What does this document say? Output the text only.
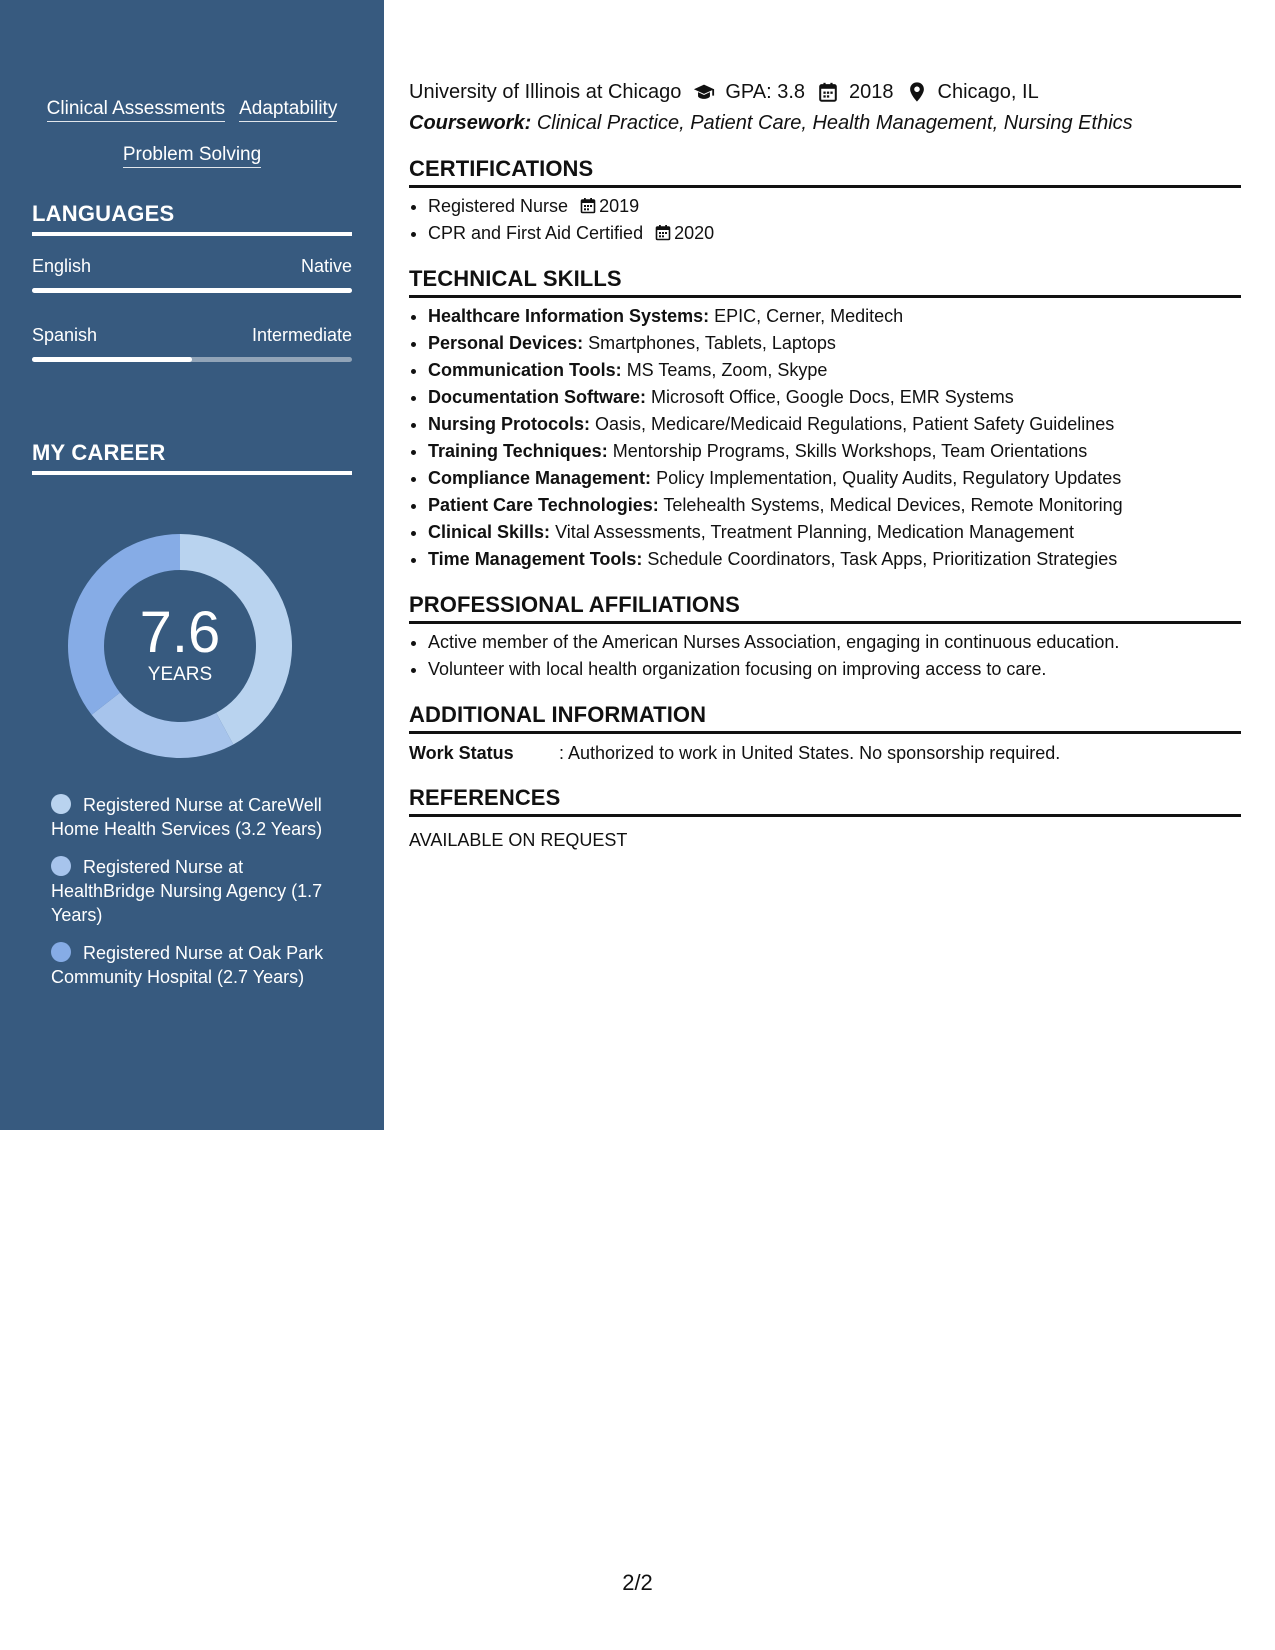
Clinical Assessments Adaptability
Problem Solving
LANGUAGES
English	Native
Spanish	Intermediate
MY CAREER
7.6
YEARS
Registered Nurse at CareWell Home Health Services (3.2 Years)
Registered Nurse at HealthBridge Nursing Agency (1.7 Years)
Registered Nurse at Oak Park Community Hospital (2.7 Years)
University of Illinois at Chicago GPA: 3.8 2018 Chicago, IL
Coursework: Clinical Practice, Patient Care, Health Management, Nursing Ethics
CERTIFICATIONS
• Registered Nurse 2019
• CPR and First Aid Certified 2020
TECHNICAL SKILLS
• Healthcare Information Systems: EPIC, Cerner, Meditech
• Personal Devices: Smartphones, Tablets, Laptops
• Communication Tools: MS Teams, Zoom, Skype
• Documentation Software: Microsoft Office, Google Docs, EMR Systems
• Nursing Protocols: Oasis, Medicare/Medicaid Regulations, Patient Safety Guidelines
• Training Techniques: Mentorship Programs, Skills Workshops, Team Orientations
• Compliance Management: Policy Implementation, Quality Audits, Regulatory Updates
• Patient Care Technologies: Telehealth Systems, Medical Devices, Remote Monitoring
• Clinical Skills: Vital Assessments, Treatment Planning, Medication Management
• Time Management Tools: Schedule Coordinators, Task Apps, Prioritization Strategies
PROFESSIONAL AFFILIATIONS
• Active member of the American Nurses Association, engaging in continuous education.
• Volunteer with local health organization focusing on improving access to care.
ADDITIONAL INFORMATION
Work Status	: Authorized to work in United States. No sponsorship required.
REFERENCES
AVAILABLE ON REQUEST
2/2
